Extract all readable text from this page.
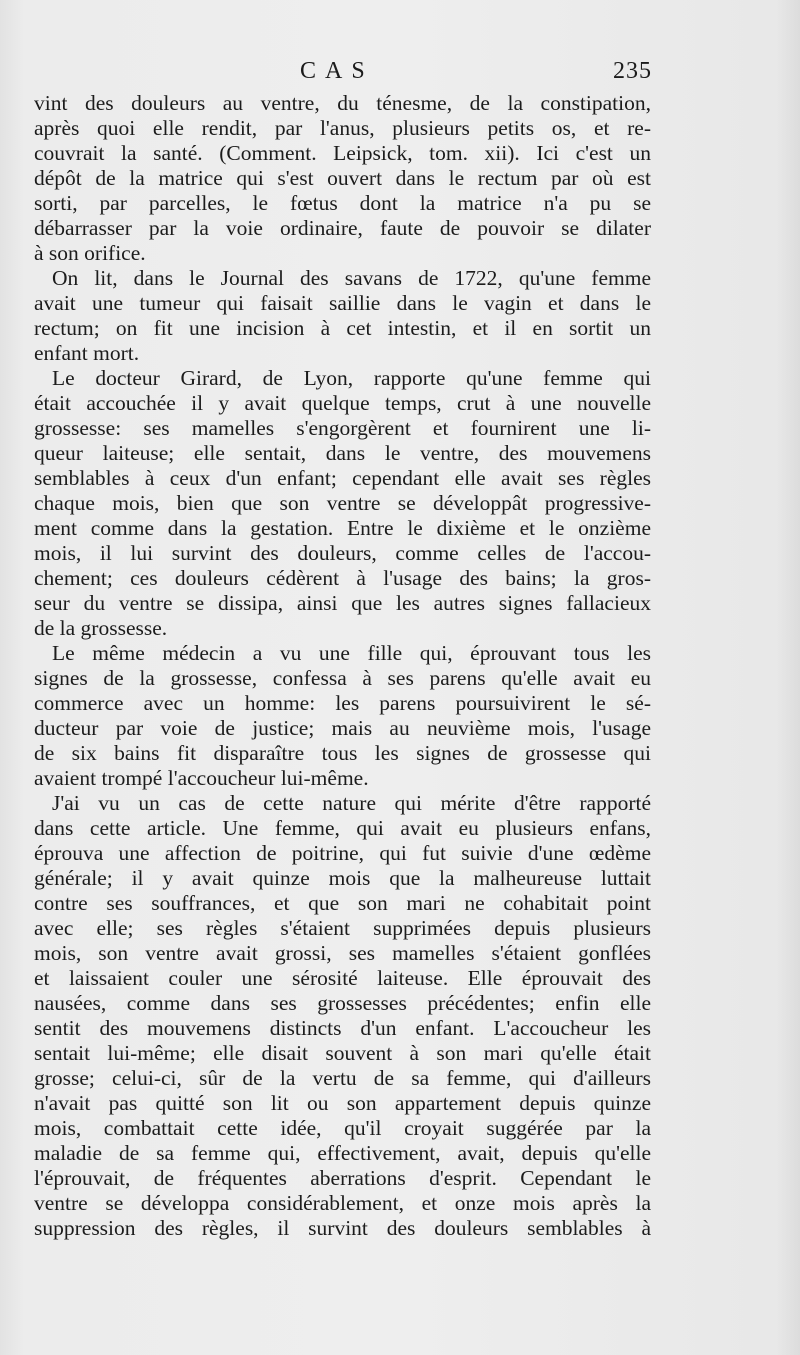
CAS	235
vint des douleurs au ventre, du ténesme, de la constipation,
après quoi elle rendit, par l'anus, plusieurs petits os, et re-
couvrait la santé. (Comment. Leipsick, tom. xii). Ici c'est un
dépôt de la matrice qui s'est ouvert dans le rectum par où est
sorti, par parcelles, le fœtus dont la matrice n'a pu se
débarrasser par la voie ordinaire, faute de pouvoir se dilater
à son orifice.
On lit, dans le Journal des savans de 1722, qu'une femme
avait une tumeur qui faisait saillie dans le vagin et dans le
rectum; on fit une incision à cet intestin, et il en sortit un
enfant mort.
Le docteur Girard, de Lyon, rapporte qu'une femme qui
était accouchée il y avait quelque temps, crut à une nouvelle
grossesse: ses mamelles s'engorgèrent et fournirent une li-
queur laiteuse; elle sentait, dans le ventre, des mouvemens
semblables à ceux d'un enfant; cependant elle avait ses règles
chaque mois, bien que son ventre se développât progressive-
ment comme dans la gestation. Entre le dixième et le onzième
mois, il lui survint des douleurs, comme celles de l'accou-
chement; ces douleurs cédèrent à l'usage des bains; la gros-
seur du ventre se dissipa, ainsi que les autres signes fallacieux
de la grossesse.
Le même médecin a vu une fille qui, éprouvant tous les
signes de la grossesse, confessa à ses parens qu'elle avait eu
commerce avec un homme: les parens poursuivirent le sé-
ducteur par voie de justice; mais au neuvième mois, l'usage
de six bains fit disparaître tous les signes de grossesse qui
avaient trompé l'accoucheur lui-même.
J'ai vu un cas de cette nature qui mérite d'être rapporté
dans cette article. Une femme, qui avait eu plusieurs enfans,
éprouva une affection de poitrine, qui fut suivie d'une œdème
générale; il y avait quinze mois que la malheureuse luttait
contre ses souffrances, et que son mari ne cohabitait point
avec elle; ses règles s'étaient supprimées depuis plusieurs
mois, son ventre avait grossi, ses mamelles s'étaient gonflées
et laissaient couler une sérosité laiteuse. Elle éprouvait des
nausées, comme dans ses grossesses précédentes; enfin elle
sentit des mouvemens distincts d'un enfant. L'accoucheur les
sentait lui-même; elle disait souvent à son mari qu'elle était
grosse; celui-ci, sûr de la vertu de sa femme, qui d'ailleurs
n'avait pas quitté son lit ou son appartement depuis quinze
mois, combattait cette idée, qu'il croyait suggérée par la
maladie de sa femme qui, effectivement, avait, depuis qu'elle
l'éprouvait, de fréquentes aberrations d'esprit. Cependant le
ventre se développa considérablement, et onze mois après la
suppression des règles, il survint des douleurs semblables à
